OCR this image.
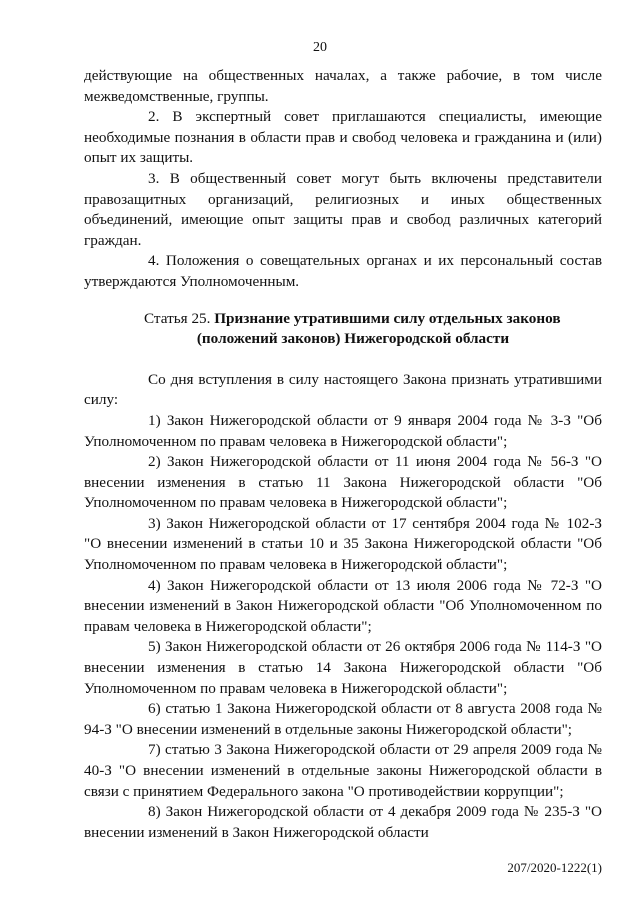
20

действующие на общественных началах, а также рабочие, в том числе межведомственные, группы.

2. В экспертный совет приглашаются специалисты, имеющие необходимые познания в области прав и свобод человека и гражданина и (или) опыт их защиты.

3. В общественный совет могут быть включены представители правозащитных организаций, религиозных и иных общественных объединений, имеющие опыт защиты прав и свобод различных категорий граждан.

4. Положения о совещательных органах и их персональный состав утверждаются Уполномоченным.

Статья 25. Признание утратившими силу отдельных законов

(положений законов) Нижегородской области

Со дня вступления в силу настоящего Закона признать утратившими силу:

1) Закон Нижегородской области от 9 января 2004 года № 3-З "Об Уполномоченном по правам человека в Нижегородской области";

2) Закон Нижегородской области от 11 июня 2004 года № 56-З "О внесении изменения в статью 11 Закона Нижегородской области "Об Уполномоченном по правам человека в Нижегородской области";

3) Закон Нижегородской области от 17 сентября 2004 года № 102-З "О внесении изменений в статьи 10 и 35 Закона Нижегородской области "Об Уполномоченном по правам человека в Нижегородской области";

4) Закон Нижегородской области от 13 июля 2006 года № 72-З "О внесении изменений в Закон Нижегородской области "Об Уполномоченном по правам человека в Нижегородской области";

5) Закон Нижегородской области от 26 октября 2006 года № 114-З "О внесении изменения в статью 14 Закона Нижегородской области "Об Уполномоченном по правам человека в Нижегородской области";

6) статью 1 Закона Нижегородской области от 8 августа 2008 года № 94-З "О внесении изменений в отдельные законы Нижегородской области";

7) статью 3 Закона Нижегородской области от 29 апреля 2009 года № 40-З "О внесении изменений в отдельные законы Нижегородской области в связи с принятием Федерального закона "О противодействии коррупции";

8) Закон Нижегородской области от 4 декабря 2009 года № 235-З "О внесении изменений в Закон Нижегородской области

207/2020-1222(1)
